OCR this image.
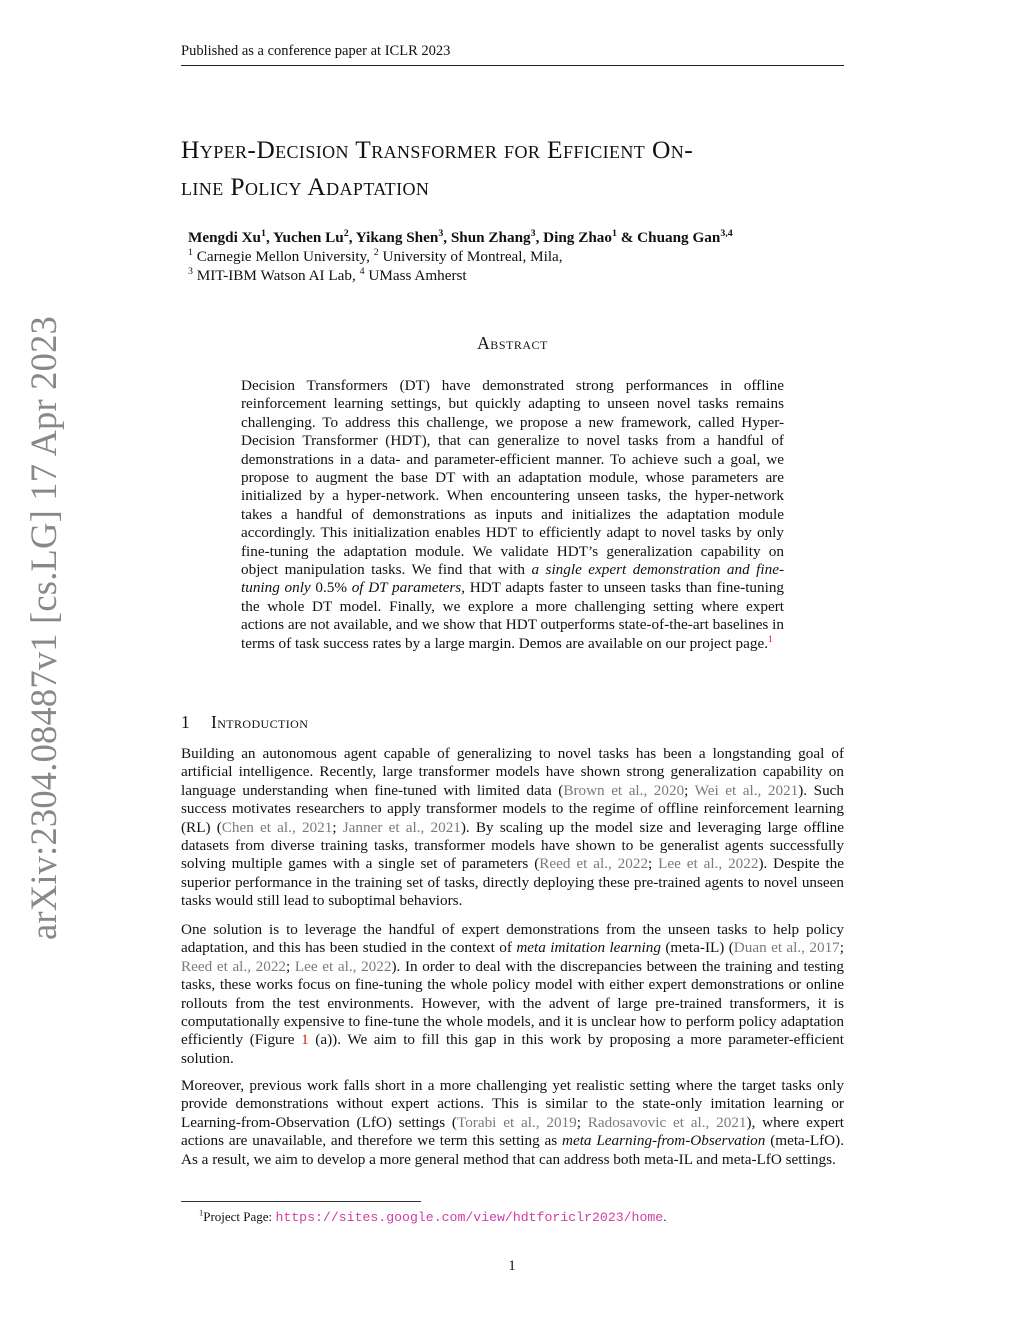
Published as a conference paper at ICLR 2023
arXiv:2304.08487v1 [cs.LG] 17 Apr 2023
Hyper-Decision Transformer for Efficient On-
line Policy Adaptation
Mengdi Xu$^1$, Yuchen Lu$^2$, Yikang Shen$^3$, Shun Zhang$^3$, Ding Zhao$^1$ & Chuang Gan$^{3,4}$
$^1$ Carnegie Mellon University, $^2$ University of Montreal, Mila,
$^3$ MIT-IBM Watson AI Lab, $^4$ UMass Amherst
Abstract
Decision Transformers (DT) have demonstrated strong performances in offline reinforcement learning settings, but quickly adapting to unseen novel tasks remains challenging. To address this challenge, we propose a new framework, called Hyper-Decision Transformer (HDT), that can generalize to novel tasks from a handful of demonstrations in a data- and parameter-efficient manner. To achieve such a goal, we propose to augment the base DT with an adaptation module, whose parameters are initialized by a hyper-network. When encountering unseen tasks, the hyper-network takes a handful of demonstrations as inputs and initializes the adaptation module accordingly. This initialization enables HDT to efficiently adapt to novel tasks by only fine-tuning the adaptation module. We validate HDT’s generalization capability on object manipulation tasks. We find that with a single expert demonstration and fine-tuning only 0.5% of DT parameters, HDT adapts faster to unseen tasks than fine-tuning the whole DT model. Finally, we explore a more challenging setting where expert actions are not available, and we show that HDT outperforms state-of-the-art baselines in terms of task success rates by a large margin. Demos are available on our project page.$^1$
1 Introduction
Building an autonomous agent capable of generalizing to novel tasks has been a longstanding goal of artificial intelligence. Recently, large transformer models have shown strong generalization capability on language understanding when fine-tuned with limited data (Brown et al., 2020; Wei et al., 2021). Such success motivates researchers to apply transformer models to the regime of offline reinforcement learning (RL) (Chen et al., 2021; Janner et al., 2021). By scaling up the model size and leveraging large offline datasets from diverse training tasks, transformer models have shown to be generalist agents successfully solving multiple games with a single set of parameters (Reed et al., 2022; Lee et al., 2022). Despite the superior performance in the training set of tasks, directly deploying these pre-trained agents to novel unseen tasks would still lead to suboptimal behaviors.
One solution is to leverage the handful of expert demonstrations from the unseen tasks to help policy adaptation, and this has been studied in the context of meta imitation learning (meta-IL) (Duan et al., 2017; Reed et al., 2022; Lee et al., 2022). In order to deal with the discrepancies between the training and testing tasks, these works focus on fine-tuning the whole policy model with either expert demonstrations or online rollouts from the test environments. However, with the advent of large pre-trained transformers, it is computationally expensive to fine-tune the whole models, and it is unclear how to perform policy adaptation efficiently (Figure 1 (a)). We aim to fill this gap in this work by proposing a more parameter-efficient solution.
Moreover, previous work falls short in a more challenging yet realistic setting where the target tasks only provide demonstrations without expert actions. This is similar to the state-only imitation learning or Learning-from-Observation (LfO) settings (Torabi et al., 2019; Radosavovic et al., 2021), where expert actions are unavailable, and therefore we term this setting as meta Learning-from-Observation (meta-LfO). As a result, we aim to develop a more general method that can address both meta-IL and meta-LfO settings.
$^1$Project Page: https://sites.google.com/view/hdtforiclr2023/home.
1
